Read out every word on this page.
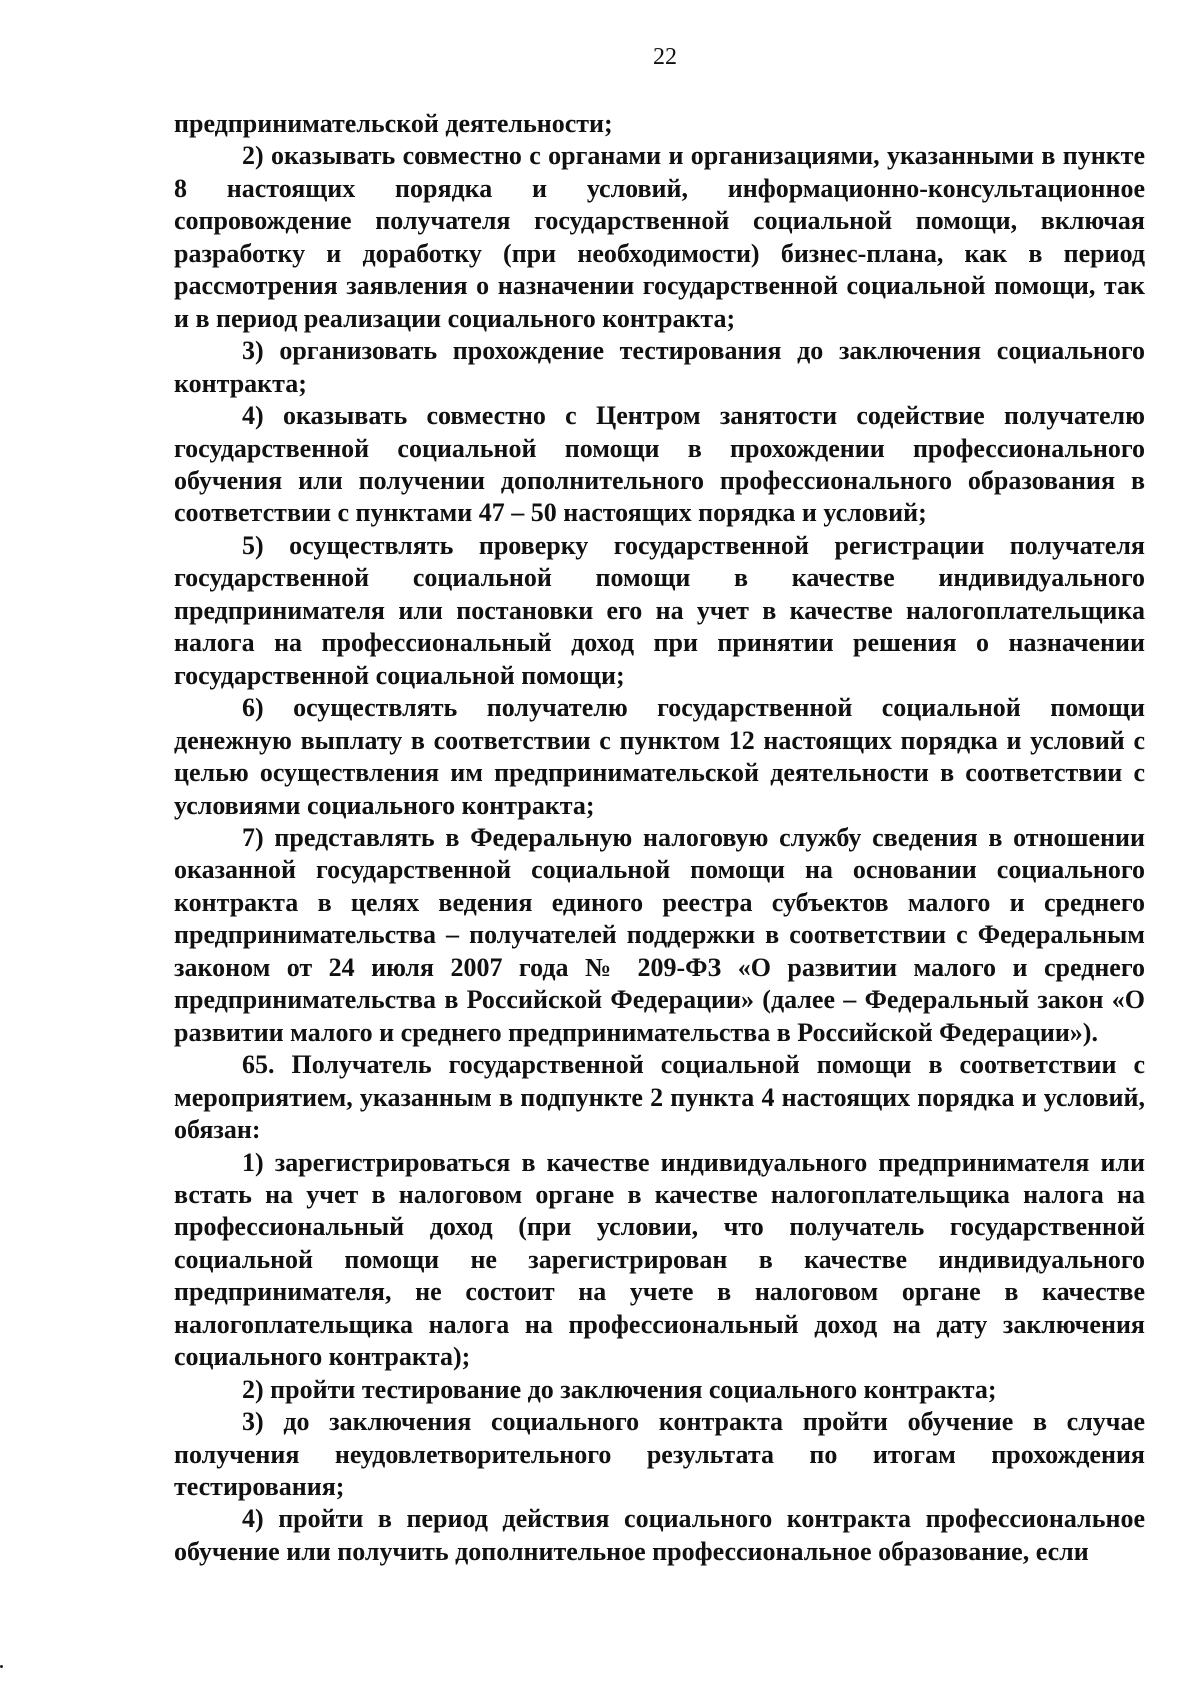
22

предпринимательской деятельности;

2) оказывать совместно с органами и организациями, указанными в пункте 8 настоящих порядка и условий, информационно-консультационное сопровождение получателя государственной социальной помощи, включая разработку и доработку (при необходимости) бизнес-плана, как в период рассмотрения заявления о назначении государственной социальной помощи, так и в период реализации социального контракта;

3) организовать прохождение тестирования до заключения социального контракта;

4) оказывать совместно с Центром занятости содействие получателю государственной социальной помощи в прохождении профессионального обучения или получении дополнительного профессионального образования в соответствии с пунктами 47 – 50 настоящих порядка и условий;

5) осуществлять проверку государственной регистрации получателя государственной социальной помощи в качестве индивидуального предпринимателя или постановки его на учет в качестве налогоплательщика налога на профессиональный доход при принятии решения о назначении государственной социальной помощи;

6) осуществлять получателю государственной социальной помощи денежную выплату в соответствии с пунктом 12 настоящих порядка и условий с целью осуществления им предпринимательской деятельности в соответствии с условиями социального контракта;

7) представлять в Федеральную налоговую службу сведения в отношении оказанной государственной социальной помощи на основании социального контракта в целях ведения единого реестра субъектов малого и среднего предпринимательства – получателей поддержки в соответствии с Федеральным законом от 24 июля 2007 года № 209-ФЗ «О развитии малого и среднего предпринимательства в Российской Федерации» (далее – Федеральный закон «О развитии малого и среднего предпринимательства в Российской Федерации»).

65. Получатель государственной социальной помощи в соответствии с мероприятием, указанным в подпункте 2 пункта 4 настоящих порядка и условий, обязан:

1) зарегистрироваться в качестве индивидуального предпринимателя или встать на учет в налоговом органе в качестве налогоплательщика налога на профессиональный доход (при условии, что получатель государственной социальной помощи не зарегистрирован в качестве индивидуального предпринимателя, не состоит на учете в налоговом органе в качестве налогоплательщика налога на профессиональный доход на дату заключения социального контракта);

2) пройти тестирование до заключения социального контракта;

3) до заключения социального контракта пройти обучение в случае получения неудовлетворительного результата по итогам прохождения тестирования;

4) пройти в период действия социального контракта профессиональное обучение или получить дополнительное профессиональное образование, если
